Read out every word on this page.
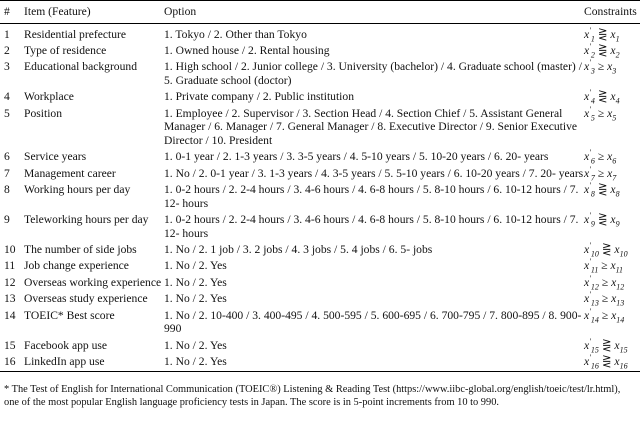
#	Item (Feature)	Option	Constraints
1	Residential prefecture	1. Tokyo / 2. Other than Tokyo	$x'_1$ ⋛ $x_1$
2	Type of residence	1. Owned house / 2. Rental housing	$x'_2$ ⋛ $x_2$
3	Educational background	1. High school / 2. Junior college / 3. University (bachelor) / 4. Graduate school (master) / 5. Graduate school (doctor)	$x'_3 \ge x_3$
4	Workplace	1. Private company / 2. Public institution	$x'_4$ ⋛ $x_4$
5	Position	1. Employee / 2. Supervisor / 3. Section Head / 4. Section Chief / 5. Assistant General Manager / 6. Manager / 7. General Manager / 8. Executive Director / 9. Senior Executive Director / 10. President	$x'_5 \ge x_5$
6	Service years	1. 0-1 year / 2. 1-3 years / 3. 3-5 years / 4. 5-10 years / 5. 10-20 years / 6. 20- years	$x'_6 \ge x_6$
7	Management career	1. No / 2. 0-1 year / 3. 1-3 years / 4. 3-5 years / 5. 5-10 years / 6. 10-20 years / 7. 20- years	$x'_7 \ge x_7$
8	Working hours per day	1. 0-2 hours / 2. 2-4 hours / 3. 4-6 hours / 4. 6-8 hours / 5. 8-10 hours / 6. 10-12 hours / 7. 12- hours	$x'_8$ ⋛ $x_8$
9	Teleworking hours per day	1. 0-2 hours / 2. 2-4 hours / 3. 4-6 hours / 4. 6-8 hours / 5. 8-10 hours / 6. 10-12 hours / 7. 12- hours	$x'_9$ ⋛ $x_9$
10	The number of side jobs	1. No / 2. 1 job / 3. 2 jobs / 4. 3 jobs / 5. 4 jobs / 6. 5- jobs	$x'_{10}$ ⋛ $x_{10}$
11	Job change experience	1. No / 2. Yes	$x'_{11} \ge x_{11}$
12	Overseas working experience	1. No / 2. Yes	$x'_{12} \ge x_{12}$
13	Overseas study experience	1. No / 2. Yes	$x'_{13} \ge x_{13}$
14	TOEIC* Best score	1. No / 2. 10-400 / 3. 400-495 / 4. 500-595 / 5. 600-695 / 6. 700-795 / 7. 800-895 / 8. 900-990	$x'_{14} \ge x_{14}$
15	Facebook app use	1. No / 2. Yes	$x'_{15}$ ⋛ $x_{15}$
16	LinkedIn app use	1. No / 2. Yes	$x'_{16}$ ⋛ $x_{16}$
* The Test of English for International Communication (TOEIC®) Listening & Reading Test (https://www.iibc-global.org/english/toeic/test/lr.html), one of the most popular English language proficiency tests in Japan. The score is in 5-point increments from 10 to 990.
